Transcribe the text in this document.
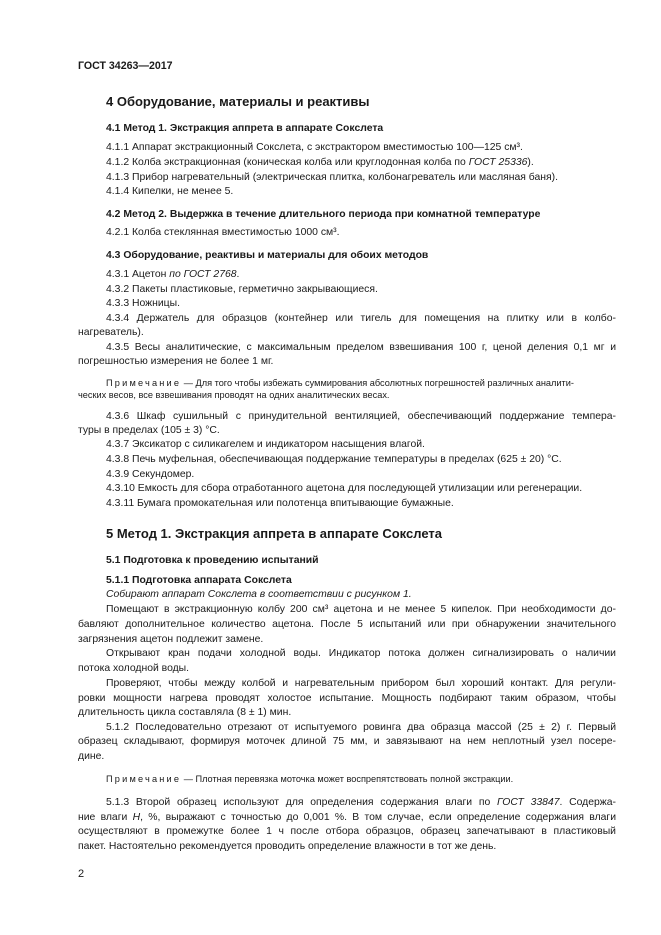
ГОСТ 34263—2017
4 Оборудование, материалы и реактивы
4.1 Метод 1. Экстракция аппрета в аппарате Сокслета
4.1.1 Аппарат экстракционный Сокслета, с экстрактором вместимостью 100—125 см³.
4.1.2 Колба экстракционная (коническая колба или круглодонная колба по ГОСТ 25336).
4.1.3 Прибор нагревательный (электрическая плитка, колбонагреватель или масляная баня).
4.1.4 Кипелки, не менее 5.
4.2 Метод 2. Выдержка в течение длительного периода при комнатной температуре
4.2.1 Колба стеклянная вместимостью 1000 см³.
4.3 Оборудование, реактивы и материалы для обоих методов
4.3.1 Ацетон по ГОСТ 2768.
4.3.2 Пакеты пластиковые, герметично закрывающиеся.
4.3.3 Ножницы.
4.3.4 Держатель для образцов (контейнер или тигель для помещения на плитку или в колбо-
нагреватель).
4.3.5 Весы аналитические, с максимальным пределом взвешивания 100 г, ценой деления 0,1 мг и
погрешностью измерения не более 1 мг.
Примечание — Для того чтобы избежать суммирования абсолютных погрешностей различных аналити-
ческих весов, все взвешивания проводят на одних аналитических весах.
4.3.6 Шкаф сушильный с принудительной вентиляцией, обеспечивающий поддержание темпера-
туры в пределах (105 ± 3) °C.
4.3.7 Эксикатор с силикагелем и индикатором насыщения влагой.
4.3.8 Печь муфельная, обеспечивающая поддержание температуры в пределах (625 ± 20) °C.
4.3.9 Секундомер.
4.3.10 Емкость для сбора отработанного ацетона для последующей утилизации или регенерации.
4.3.11 Бумага промокательная или полотенца впитывающие бумажные.
5 Метод 1. Экстракция аппрета в аппарате Сокслета
5.1 Подготовка к проведению испытаний
5.1.1 Подготовка аппарата Сокслета
Собирают аппарат Сокслета в соответствии с рисунком 1.
Помещают в экстракционную колбу 200 см³ ацетона и не менее 5 кипелок. При необходимости до-
бавляют дополнительное количество ацетона. После 5 испытаний или при обнаружении значительного
загрязнения ацетон подлежит замене.
Открывают кран подачи холодной воды. Индикатор потока должен сигнализировать о наличии
потока холодной воды.
Проверяют, чтобы между колбой и нагревательным прибором был хороший контакт. Для регули-
ровки мощности нагрева проводят холостое испытание. Мощность подбирают таким образом, чтобы
длительность цикла составляла (8 ± 1) мин.
5.1.2 Последовательно отрезают от испытуемого ровинга два образца массой (25 ± 2) г. Первый
образец складывают, формируя моточек длиной 75 мм, и завязывают на нем неплотный узел посере-
дине.
Примечание — Плотная перевязка моточка может воспрепятствовать полной экстракции.
5.1.3 Второй образец используют для определения содержания влаги по ГОСТ 33847. Содержа-
ние влаги H, %, выражают с точностью до 0,001 %. В том случае, если определение содержания влаги
осуществляют в промежутке более 1 ч после отбора образцов, образец запечатывают в пластиковый
пакет. Настоятельно рекомендуется проводить определение влажности в тот же день.
2
